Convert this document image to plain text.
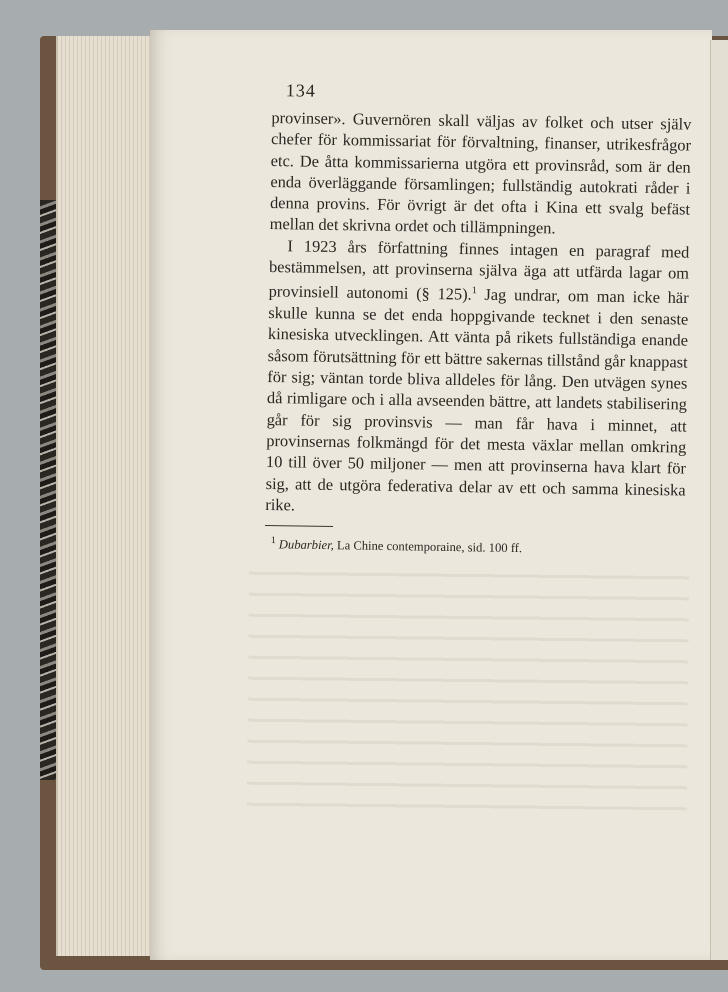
134

provinser». Guvernören skall väljas av folket och utser själv chefer för kommissariat för förvaltning, finanser, utrikesfrågor etc. De åtta kommissarierna utgöra ett provinsråd, som är den enda överläggande församlingen; fullständig autokrati råder i denna provins. För övrigt är det ofta i Kina ett svalg befäst mellan det skrivna ordet och tillämpningen.

I 1923 års författning finnes intagen en paragraf med bestämmelsen, att provinserna själva äga att utfärda lagar om provinsiell autonomi (§ 125).$^1$ Jag undrar, om man icke här skulle kunna se det enda hoppgivande tecknet i den senaste kinesiska utvecklingen. Att vänta på rikets fullständiga enande såsom förutsättning för ett bättre sakernas tillstånd går knappast för sig; väntan torde bliva alldeles för lång. Den utvägen synes då rimligare och i alla avseenden bättre, att landets stabilisering går för sig provinsvis — man får hava i minnet, att provinsernas folkmängd för det mesta växlar mellan omkring 10 till över 50 miljoner — men att provinserna hava klart för sig, att de utgöra federativa delar av ett och samma kinesiska rike.

$^1$ Dubarbier, La Chine contemporaine, sid. 100 ff.
